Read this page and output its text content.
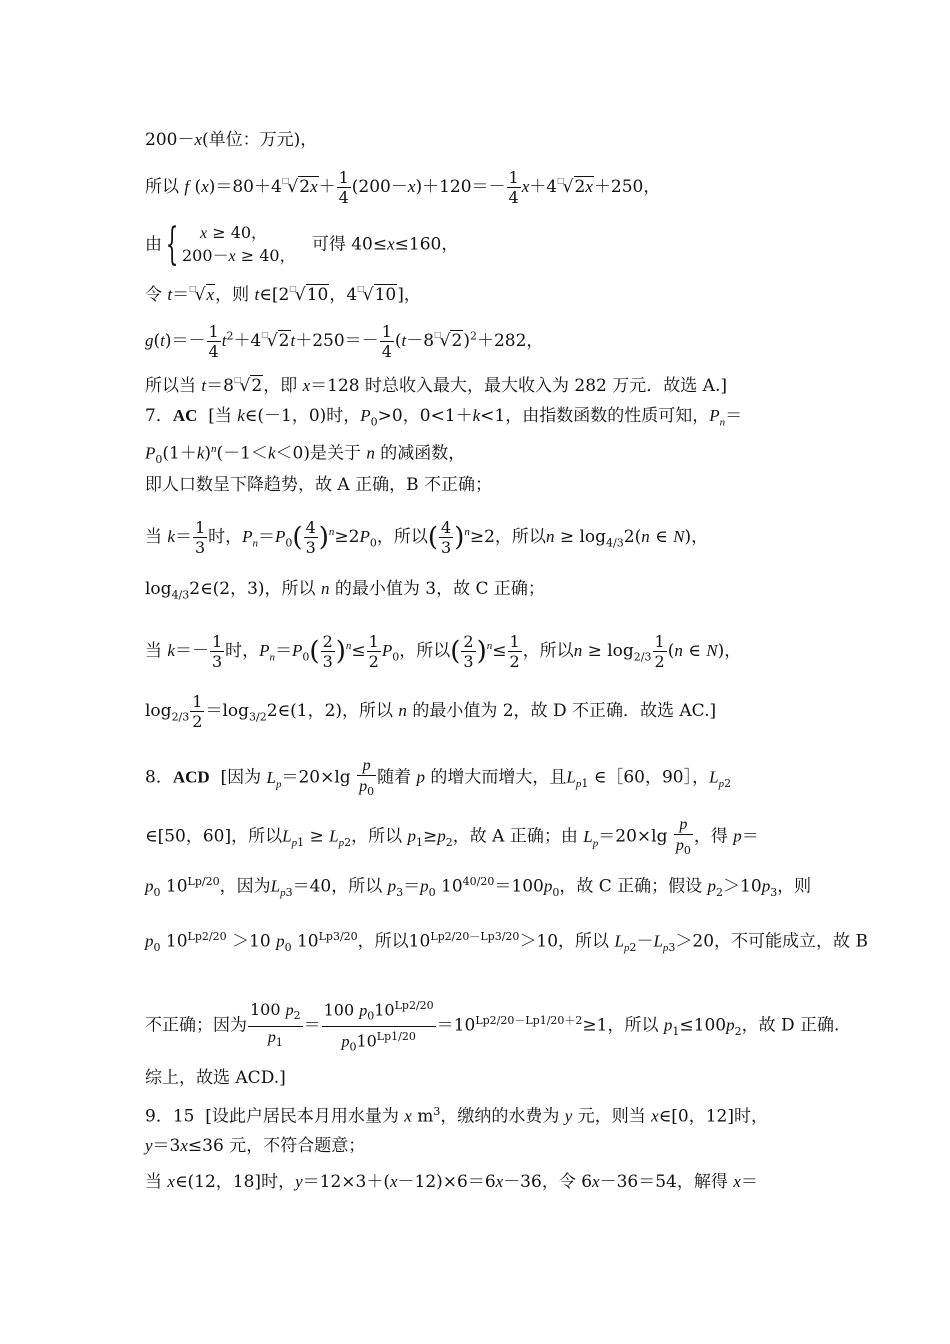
200－x(单位：万元)，
所以 f $(x)=80+4^□√2x+ \frac{1}{4} (200-x)+120=- \frac{1}{4} x+4^□√2x+250$，
由{	x ≥ 40，
200－x ≥ 40，
可得 40≤x≤160，
令 t＝□√x，则 t∈[2□√10，4□√10]，
$g(t)=- \frac{1}{4} t^2+4^□√2t+250=- \frac{1}{4} (t-8^□√2)^2+282$，
所以当 t＝8□√2，即 x＝128 时总收入最大，最大收入为 282 万元．故选 A.]
7．AC  [当 k∈(－1，0)时，$P_0>0$，0<1＋k<1，由指数函数的性质可知，$P_n=$
$P_0(1+k)^n(-1<k<0)$是关于 n 的减函数，
即人口数呈下降趋势，故 A 正确，B 不正确；
当 $k= \frac{1}{3}$ 时，$P_n=P_0( \frac{4}{3} )^n\ge 2P_0$，所以( $\frac{4}{3} )^n\ge 2$，所以$n \ge \log_{4/3}2(n$ ∈ N)，
$\log_{4/3}2\in(2$，3)，所以 n 的最小值为 3，故 C 正确；
当 $k=- \frac{1}{3}$ 时，$P_n=P_0( \frac{2}{3} )^n\le \frac{1}{2} P_0$，所以( $\frac{2}{3} )^n\le \frac{1}{2}$ ，所以$n \ge \log_{2/3} \frac{1}{2} (n$ ∈ N)，
$\log_{2/3} \frac{1}{2}$ $=\log_{3/2}2\in(1$，2)，所以 n 的最小值为 2，故 D 不正确．故选 AC.]
8．ACD  [因为 $L_p=20\times\lg \frac{p}{p_0}$ 随着 p 的增大而增大，且$L_{p1}$ ∈［60，90］，$L_{p2}$
∈[50，60]，所以$L_{p1} \ge L_{p2}$，所以 $p_1\ge p_2$，故 A 正确；由 $L_p=20\times\lg \frac{p}{p_0}$ ，得 p＝
$p_0$ $10^{Lp/20}$，因为$L_{p3}=40$，所以 $p_3=p_0$ $10^{40/20}=100p_0$，故 C 正确；假设 $p_2>10p_3$，则
$p_0$ $10^{Lp2/20} >10$ $p_0$ $10^{Lp3/20}$，所以$10^{Lp2/20-Lp3/20}>10$，所以 $L_{p2}-L_{p3}>20$，不可能成立，故 B
不正确；因为 $\frac{100 p_2}{p_1} = \frac{100 p_010^{Lp2/20}}{p_010^{Lp1/20}} =10^{Lp2/20-Lp1/20+2}\ge 1$，所以 $p_1\le 100p_2$，故 D 正确.
综上，故选 ACD.]
9．15  [设此户居民本月用水量为 x $m^3$，缴纳的水费为 y 元，则当 x∈[0，12]时，
y＝3x≤36 元，不符合题意；
当 x∈(12，18]时，y＝12×3＋(x－12)×6＝6x－36，令 6x－36＝54，解得 x＝
